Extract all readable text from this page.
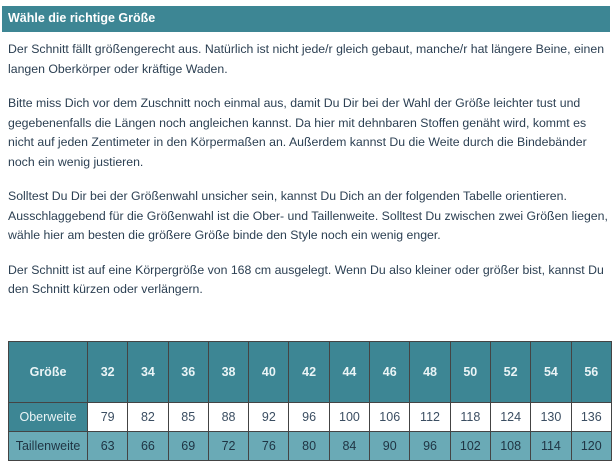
Wähle die richtige Größe

Der Schnitt fällt größengerecht aus. Natürlich ist nicht jede/r gleich gebaut, manche/r hat längere Beine, einen langen Oberkörper oder kräftige Waden.

Bitte miss Dich vor dem Zuschnitt noch einmal aus, damit Du Dir bei der Wahl der Größe leichter tust und gegebenenfalls die Längen noch angleichen kannst. Da hier mit dehnbaren Stoffen genäht wird, kommt es nicht auf jeden Zentimeter in den Körpermaßen an. Außerdem kannst Du die Weite durch die Bindebänder noch ein wenig justieren.

Solltest Du Dir bei der Größenwahl unsicher sein, kannst Du Dich an der folgenden Tabelle orientieren. Ausschlaggebend für die Größenwahl ist die Ober- und Taillenweite. Solltest Du zwischen zwei Größen liegen, wähle hier am besten die größere Größe binde den Style noch ein wenig enger.

Der Schnitt ist auf eine Körpergröße von 168 cm ausgelegt. Wenn Du also kleiner oder größer bist, kannst Du den Schnitt kürzen oder verlängern.

Größe	32	34	36	38	40	42	44	46	48	50	52	54	56
Oberweite	79	82	85	88	92	96	100	106	112	118	124	130	136
Taillenweite	63	66	69	72	76	80	84	90	96	102	108	114	120
